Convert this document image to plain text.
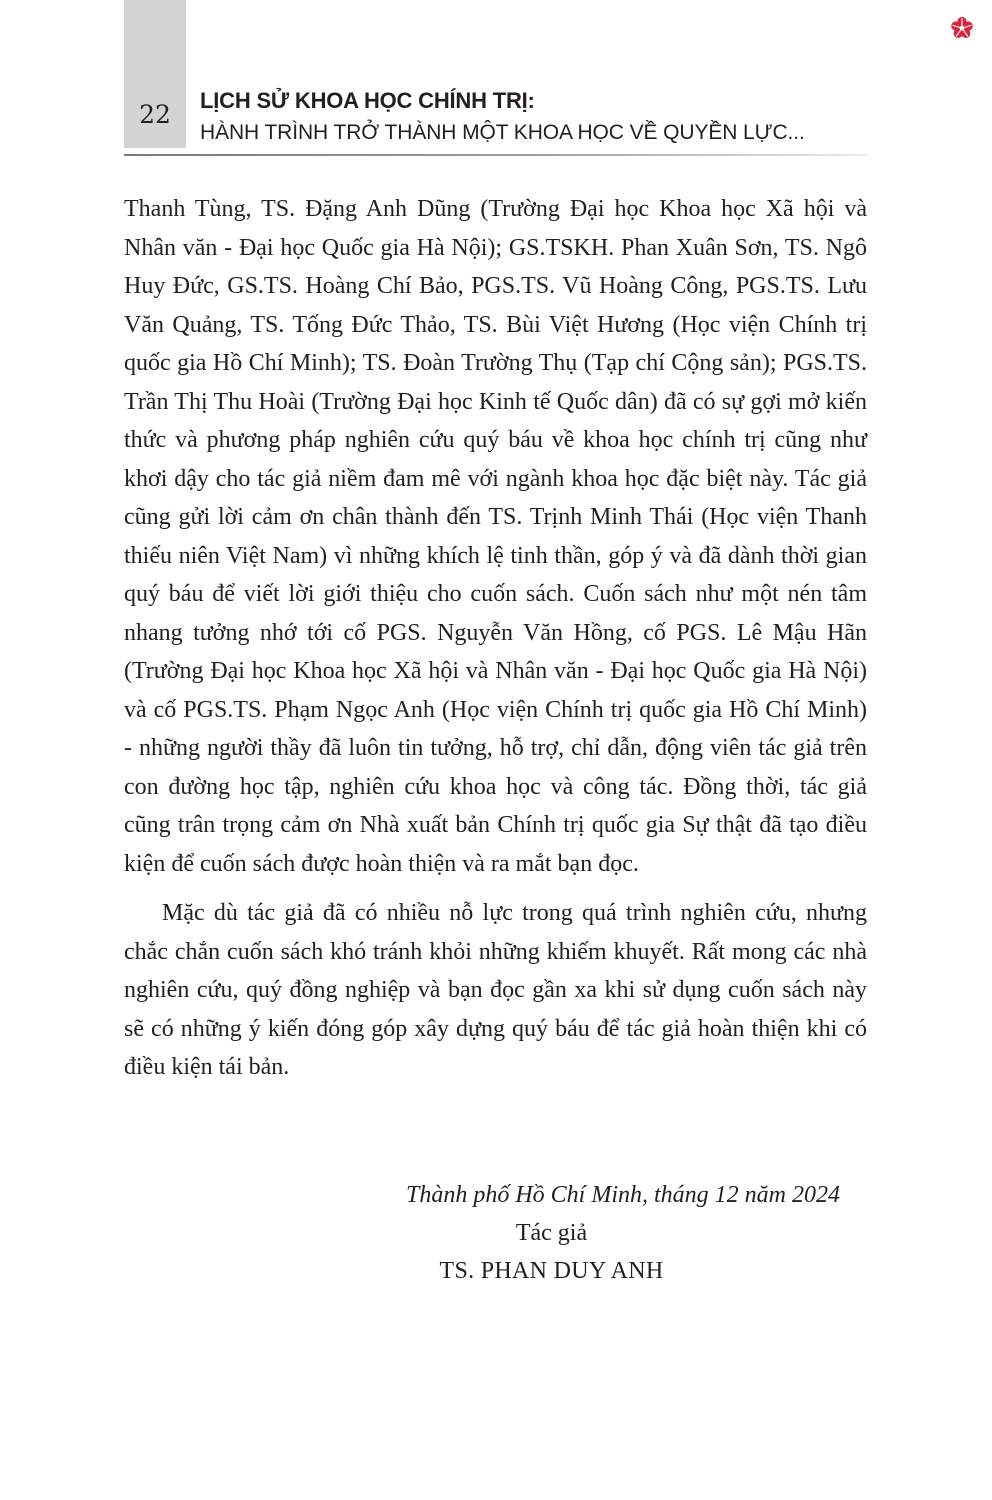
22	LỊCH SỬ KHOA HỌC CHÍNH TRỊ:
HÀNH TRÌNH TRỞ THÀNH MỘT KHOA HỌC VỀ QUYỀN LỰC...

Thanh Tùng, TS. Đặng Anh Dũng (Trường Đại học Khoa học Xã hội và Nhân văn - Đại học Quốc gia Hà Nội); GS.TSKH. Phan Xuân Sơn, TS. Ngô Huy Đức, GS.TS. Hoàng Chí Bảo, PGS.TS. Vũ Hoàng Công, PGS.TS. Lưu Văn Quảng, TS. Tống Đức Thảo, TS. Bùi Việt Hương (Học viện Chính trị quốc gia Hồ Chí Minh); TS. Đoàn Trường Thụ (Tạp chí Cộng sản); PGS.TS. Trần Thị Thu Hoài (Trường Đại học Kinh tế Quốc dân) đã có sự gợi mở kiến thức và phương pháp nghiên cứu quý báu về khoa học chính trị cũng như khơi dậy cho tác giả niềm đam mê với ngành khoa học đặc biệt này. Tác giả cũng gửi lời cảm ơn chân thành đến TS. Trịnh Minh Thái (Học viện Thanh thiếu niên Việt Nam) vì những khích lệ tinh thần, góp ý và đã dành thời gian quý báu để viết lời giới thiệu cho cuốn sách. Cuốn sách như một nén tâm nhang tưởng nhớ tới cố PGS. Nguyễn Văn Hồng, cố PGS. Lê Mậu Hãn (Trường Đại học Khoa học Xã hội và Nhân văn - Đại học Quốc gia Hà Nội) và cố PGS.TS. Phạm Ngọc Anh (Học viện Chính trị quốc gia Hồ Chí Minh) - những người thầy đã luôn tin tưởng, hỗ trợ, chỉ dẫn, động viên tác giả trên con đường học tập, nghiên cứu khoa học và công tác. Đồng thời, tác giả cũng trân trọng cảm ơn Nhà xuất bản Chính trị quốc gia Sự thật đã tạo điều kiện để cuốn sách được hoàn thiện và ra mắt bạn đọc.

Mặc dù tác giả đã có nhiều nỗ lực trong quá trình nghiên cứu, nhưng chắc chắn cuốn sách khó tránh khỏi những khiếm khuyết. Rất mong các nhà nghiên cứu, quý đồng nghiệp và bạn đọc gần xa khi sử dụng cuốn sách này sẽ có những ý kiến đóng góp xây dựng quý báu để tác giả hoàn thiện khi có điều kiện tái bản.

Thành phố Hồ Chí Minh, tháng 12 năm 2024
Tác giả
TS. PHAN DUY ANH
